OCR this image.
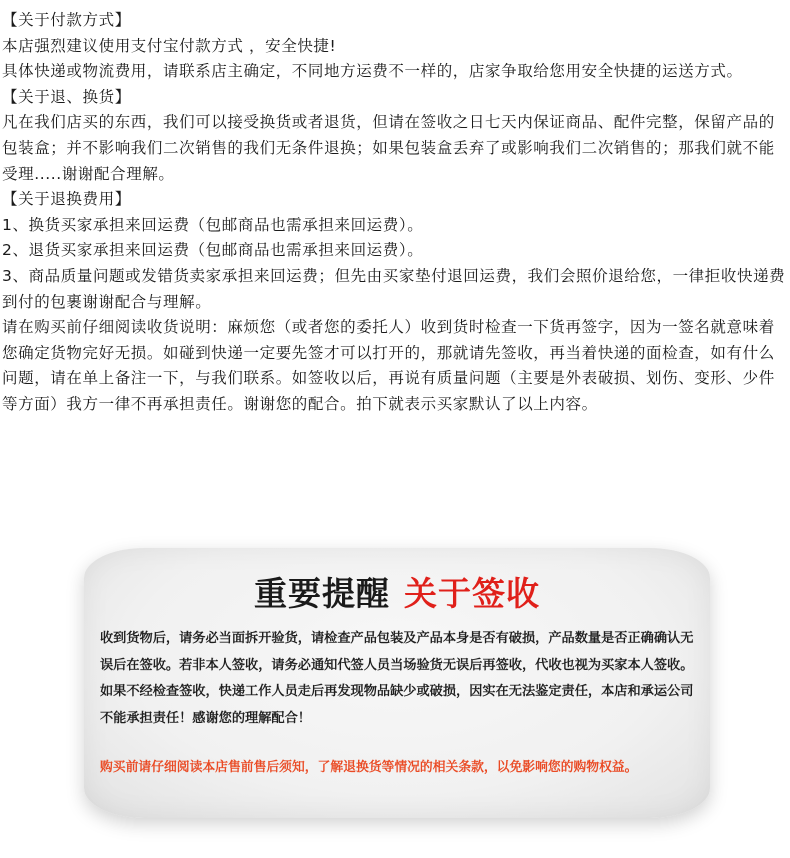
【关于付款方式】

本店强烈建议使用支付宝付款方式 ，安全快捷!

具体快递或物流费用，请联系店主确定，不同地方运费不一样的，店家争取给您用安全快捷的运送方式。

【关于退、换货】

凡在我们店买的东西，我们可以接受换货或者退货，但请在签收之日七天内保证商品、配件完整，保留产品的包装盒；并不影响我们二次销售的我们无条件退换；如果包装盒丢弃了或影响我们二次销售的；那我们就不能受理.....谢谢配合理解。

【关于退换费用】

1、换货买家承担来回运费（包邮商品也需承担来回运费）。

2、退货买家承担来回运费（包邮商品也需承担来回运费）。

3、商品质量问题或发错货卖家承担来回运费；但先由买家垫付退回运费，我们会照价退给您，一律拒收快递费到付的包裹谢谢配合与理解。

请在购买前仔细阅读收货说明：麻烦您（或者您的委托人）收到货时检查一下货再签字，因为一签名就意味着您确定货物完好无损。如碰到快递一定要先签才可以打开的，那就请先签收，再当着快递的面检查，如有什么问题，请在单上备注一下，与我们联系。如签收以后，再说有质量问题（主要是外表破损、划伤、变形、少件等方面）我方一律不再承担责任。谢谢您的配合。拍下就表示买家默认了以上内容。

重要提醒 关于签收
收到货物后，请务必当面拆开验货，请检查产品包装及产品本身是否有破损，产品数量是否正确确认无误后在签收。若非本人签收，请务必通知代签人员当场验货无误后再签收，代收也视为买家本人签收。如果不经检查签收，快递工作人员走后再发现物品缺少或破损，因实在无法鉴定责任，本店和承运公司不能承担责任！感谢您的理解配合！
购买前请仔细阅读本店售前售后须知，了解退换货等情况的相关条款，以免影响您的购物权益。
